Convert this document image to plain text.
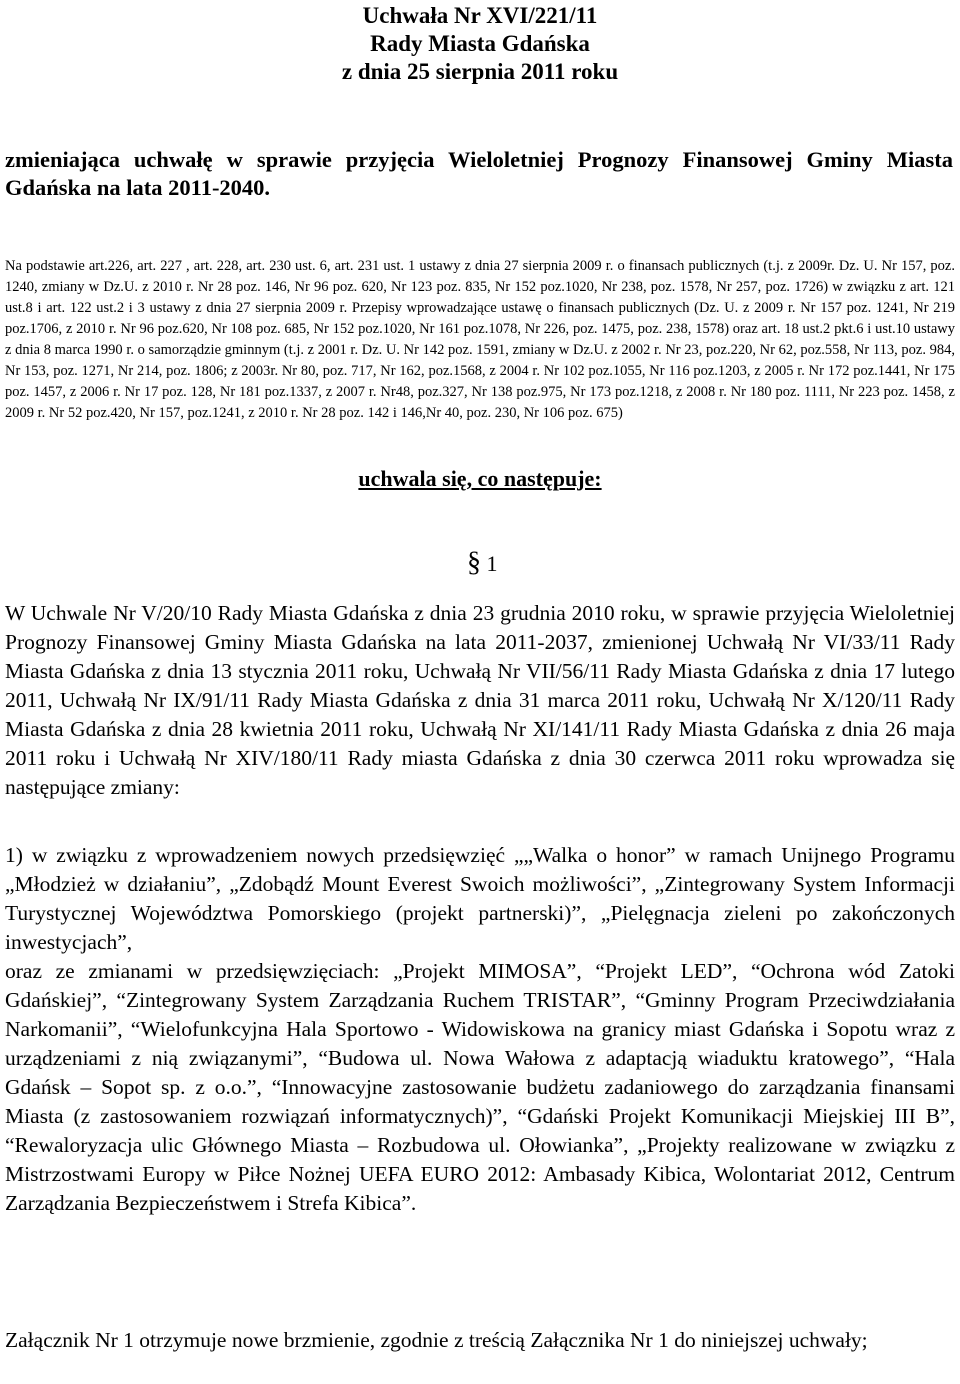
Uchwała Nr XVI/221/11

Rady Miasta Gdańska

z dnia 25 sierpnia 2011 roku

zmieniająca uchwałę w sprawie przyjęcia Wieloletniej Prognozy Finansowej Gminy Miasta Gdańska na lata 2011-2040.

Na podstawie art.226, art. 227 , art. 228, art. 230 ust. 6, art. 231 ust. 1 ustawy z dnia 27 sierpnia 2009 r. o finansach publicznych (t.j. z 2009r. Dz. U. Nr 157, poz. 1240, zmiany w Dz.U. z 2010 r. Nr 28 poz. 146, Nr 96 poz. 620, Nr 123 poz. 835, Nr 152 poz.1020, Nr 238, poz. 1578, Nr 257, poz. 1726) w związku z art. 121 ust.8 i art. 122 ust.2 i 3 ustawy z dnia 27 sierpnia 2009 r. Przepisy wprowadzające ustawę o finansach publicznych (Dz. U. z 2009 r. Nr 157 poz. 1241, Nr 219 poz.1706, z 2010 r. Nr 96 poz.620, Nr 108 poz. 685, Nr 152 poz.1020, Nr 161 poz.1078, Nr 226, poz. 1475, poz. 238, 1578) oraz art. 18 ust.2 pkt.6 i ust.10 ustawy z dnia 8 marca 1990 r. o samorządzie gminnym (t.j. z 2001 r. Dz. U. Nr 142 poz. 1591, zmiany w Dz.U. z 2002 r. Nr 23, poz.220, Nr 62, poz.558, Nr 113, poz. 984, Nr 153, poz. 1271, Nr 214, poz. 1806; z 2003r. Nr 80, poz. 717, Nr 162, poz.1568, z 2004 r. Nr 102 poz.1055, Nr 116 poz.1203, z 2005 r. Nr 172 poz.1441, Nr 175 poz. 1457, z 2006 r. Nr 17 poz. 128, Nr 181 poz.1337, z 2007 r. Nr48, poz.327, Nr 138 poz.975, Nr 173 poz.1218, z 2008 r. Nr 180 poz. 1111, Nr 223 poz. 1458, z 2009 r. Nr 52 poz.420, Nr 157, poz.1241, z 2010 r. Nr 28 poz. 142 i 146,Nr 40, poz. 230, Nr 106 poz. 675)

uchwala się, co następuje:

§ 1

W Uchwale Nr V/20/10 Rady Miasta Gdańska z dnia 23 grudnia 2010 roku, w sprawie przyjęcia Wieloletniej Prognozy Finansowej Gminy Miasta Gdańska na lata 2011-2037, zmienionej Uchwałą Nr VI/33/11 Rady Miasta Gdańska z dnia 13 stycznia 2011 roku, Uchwałą Nr VII/56/11 Rady Miasta Gdańska z dnia 17 lutego 2011, Uchwałą Nr IX/91/11 Rady Miasta Gdańska z dnia 31 marca 2011 roku, Uchwałą Nr X/120/11 Rady Miasta Gdańska z dnia 28 kwietnia 2011 roku, Uchwałą Nr XI/141/11 Rady Miasta Gdańska z dnia 26 maja 2011 roku i Uchwałą Nr XIV/180/11 Rady miasta Gdańska z dnia 30 czerwca 2011 roku wprowadza się następujące zmiany:

1) w związku z wprowadzeniem nowych przedsięwzięć „„Walka o honor” w ramach Unijnego Programu „Młodzież w działaniu”, „Zdobądź Mount Everest Swoich możliwości”, „Zintegrowany System Informacji Turystycznej Województwa Pomorskiego (projekt partnerski)”, „Pielęgnacja zieleni po zakończonych inwestycjach”,

oraz ze zmianami w przedsięwzięciach: „Projekt MIMOSA”, “Projekt LED”, “Ochrona wód Zatoki Gdańskiej”, “Zintegrowany System Zarządzania Ruchem TRISTAR”, “Gminny Program Przeciwdziałania Narkomanii”, “Wielofunkcyjna Hala Sportowo - Widowiskowa na granicy miast Gdańska i Sopotu wraz z urządzeniami z nią związanymi”, “Budowa ul. Nowa Wałowa z adaptacją wiaduktu kratowego”, “Hala Gdańsk – Sopot sp. z o.o.”, “Innowacyjne zastosowanie budżetu zadaniowego do zarządzania finansami Miasta (z zastosowaniem rozwiązań informatycznych)”, “Gdański Projekt Komunikacji Miejskiej III B”, “Rewaloryzacja ulic Głównego Miasta – Rozbudowa ul. Ołowianka”, „Projekty realizowane w związku z Mistrzostwami Europy w Piłce Nożnej UEFA EURO 2012: Ambasady Kibica, Wolontariat 2012, Centrum Zarządzania Bezpieczeństwem i Strefa Kibica”.

Załącznik Nr 1 otrzymuje nowe brzmienie, zgodnie z treścią Załącznika Nr 1 do niniejszej uchwały;
